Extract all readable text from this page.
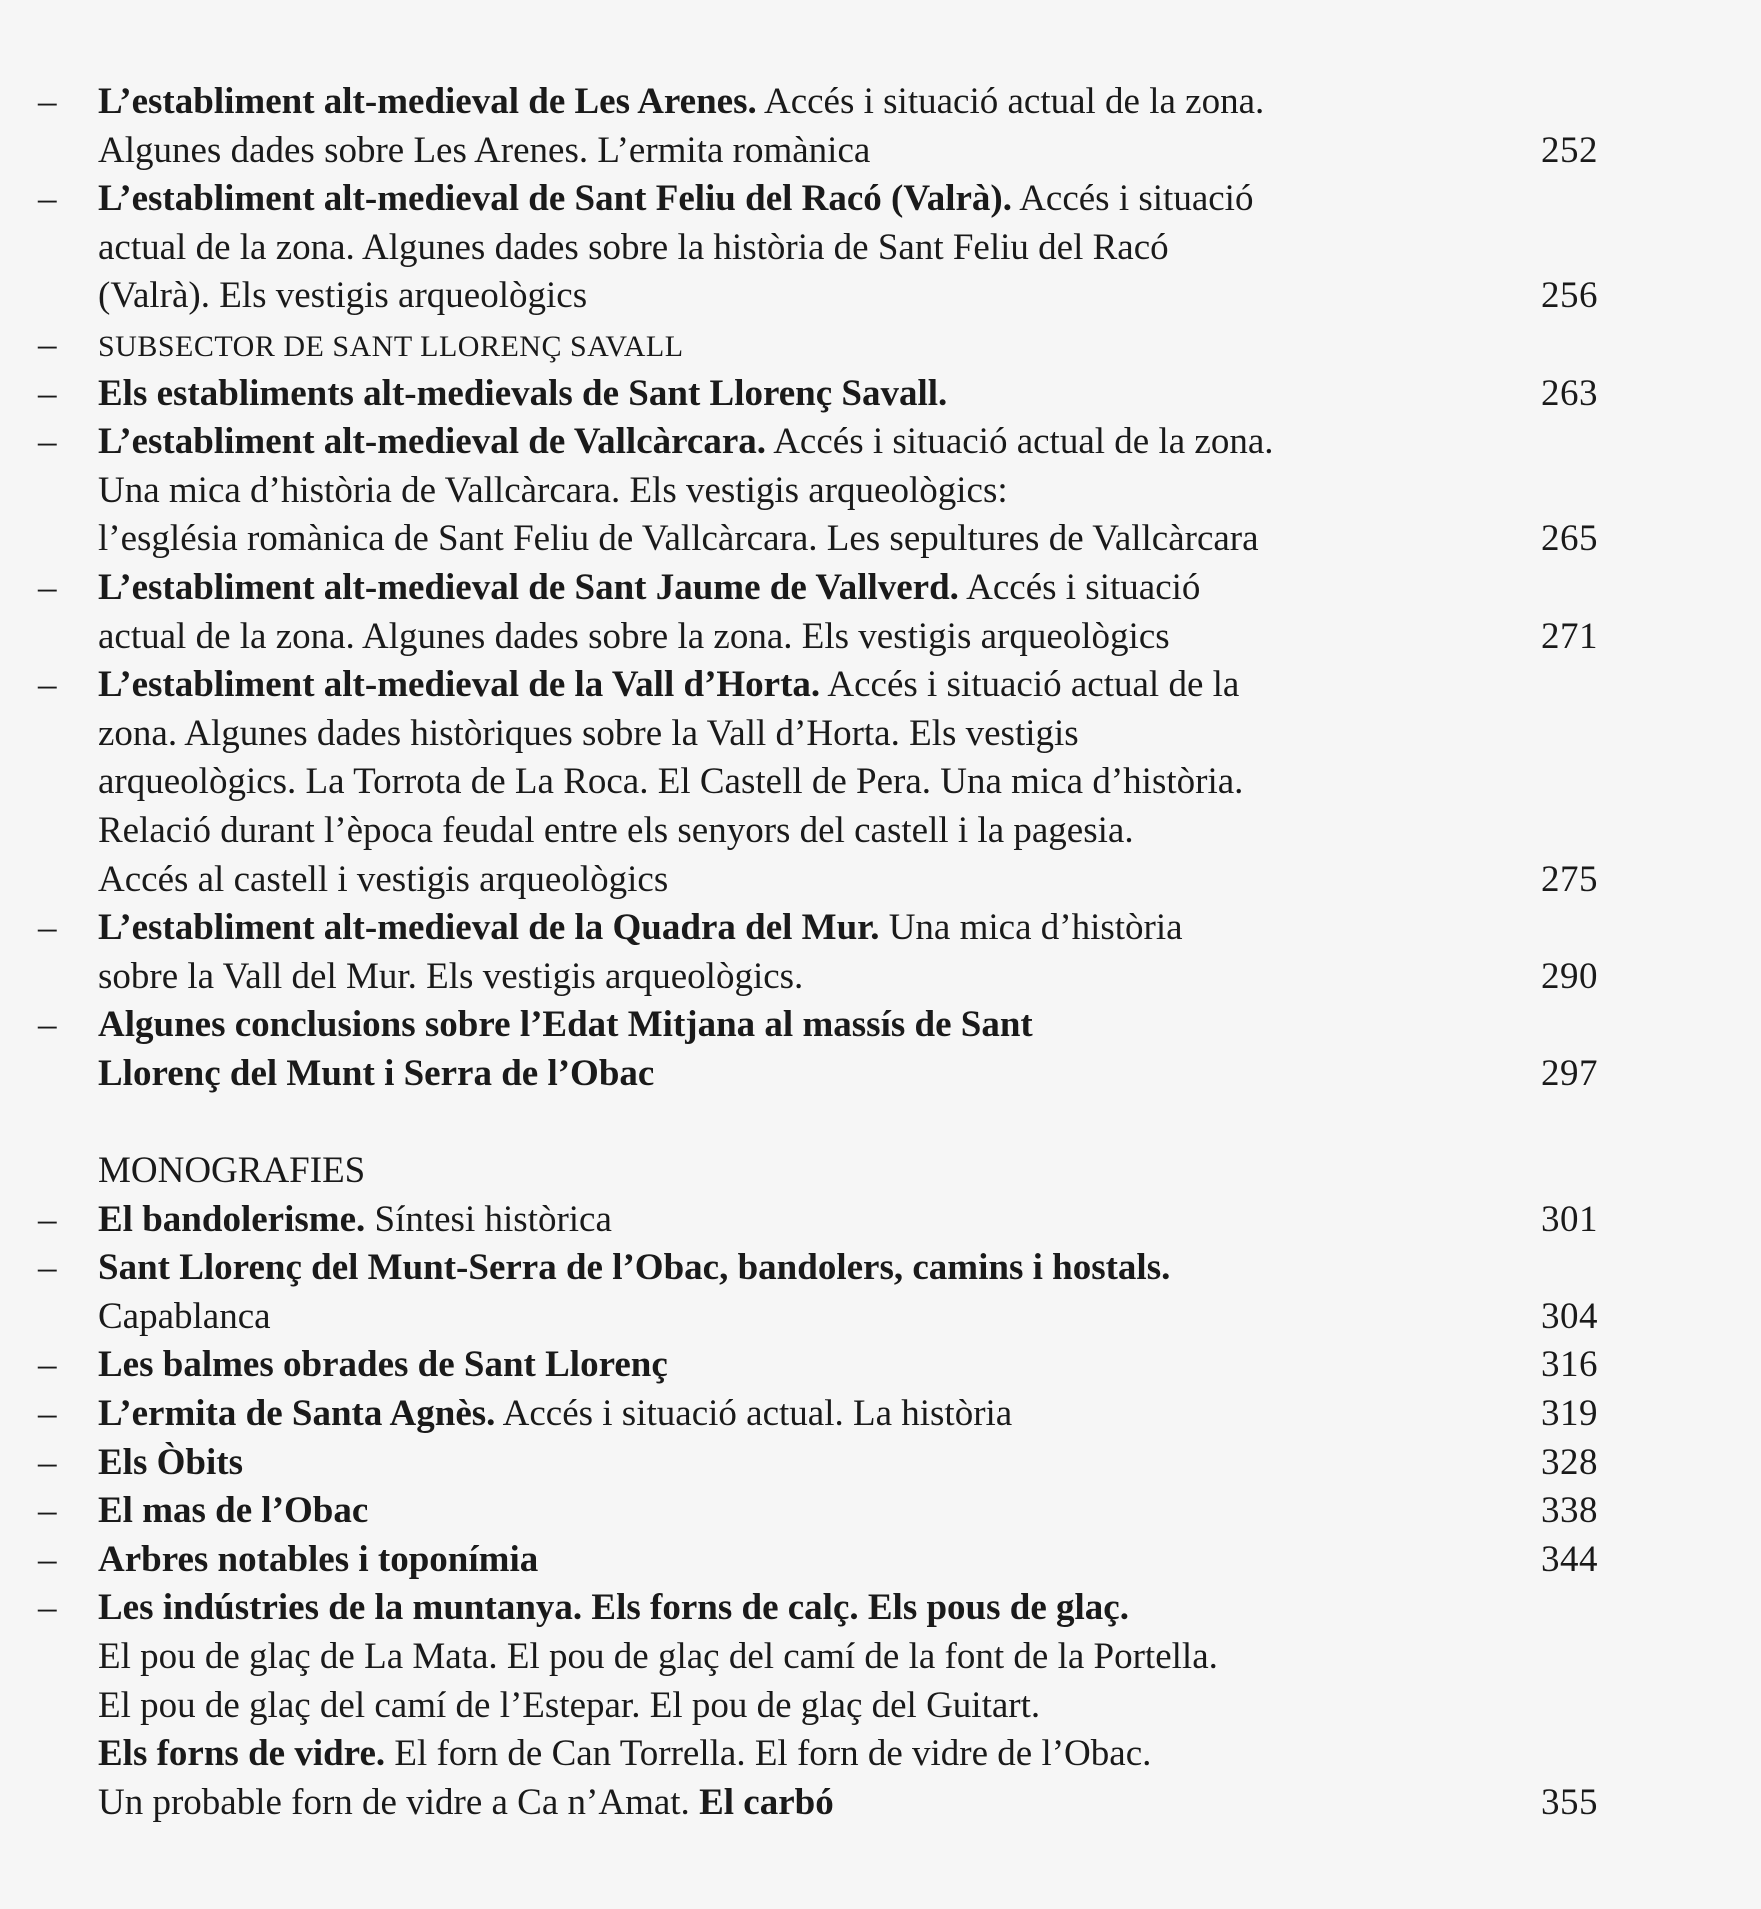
–	L’establiment alt-medieval de Les Arenes. Accés i situació actual de la zona.
Algunes dades sobre Les Arenes. L’ermita romànica	252
–	L’establiment alt-medieval de Sant Feliu del Racó (Valrà). Accés i situació
actual de la zona. Algunes dades sobre la història de Sant Feliu del Racó
(Valrà). Els vestigis arqueològics	256
–	SUBSECTOR DE SANT LLORENÇ SAVALL
–	Els establiments alt-medievals de Sant Llorenç Savall.	263
–	L’establiment alt-medieval de Vallcàrcara. Accés i situació actual de la zona.
Una mica d’història de Vallcàrcara. Els vestigis arqueològics:
l’església romànica de Sant Feliu de Vallcàrcara. Les sepultures de Vallcàrcara	265
–	L’establiment alt-medieval de Sant Jaume de Vallverd. Accés i situació
actual de la zona. Algunes dades sobre la zona. Els vestigis arqueològics	271
–	L’establiment alt-medieval de la Vall d’Horta. Accés i situació actual de la
zona. Algunes dades històriques sobre la Vall d’Horta. Els vestigis
arqueològics. La Torrota de La Roca. El Castell de Pera. Una mica d’història.
Relació durant l’època feudal entre els senyors del castell i la pagesia.
Accés al castell i vestigis arqueològics	275
–	L’establiment alt-medieval de la Quadra del Mur. Una mica d’història
sobre la Vall del Mur. Els vestigis arqueològics.	290
–	Algunes conclusions sobre l’Edat Mitjana al massís de Sant
Llorenç del Munt i Serra de l’Obac	297
MONOGRAFIES
–	El bandolerisme. Síntesi històrica	301
–	Sant Llorenç del Munt-Serra de l’Obac, bandolers, camins i hostals.
Capablanca	304
–	Les balmes obrades de Sant Llorenç	316
–	L’ermita de Santa Agnès. Accés i situació actual. La història	319
–	Els Òbits	328
–	El mas de l’Obac	338
–	Arbres notables i toponímia	344
–	Les indústries de la muntanya. Els forns de calç. Els pous de glaç.
El pou de glaç de La Mata. El pou de glaç del camí de la font de la Portella.
El pou de glaç del camí de l’Estepar. El pou de glaç del Guitart.
Els forns de vidre. El forn de Can Torrella. El forn de vidre de l’Obac.
Un probable forn de vidre a Ca n’Amat. El carbó	355
